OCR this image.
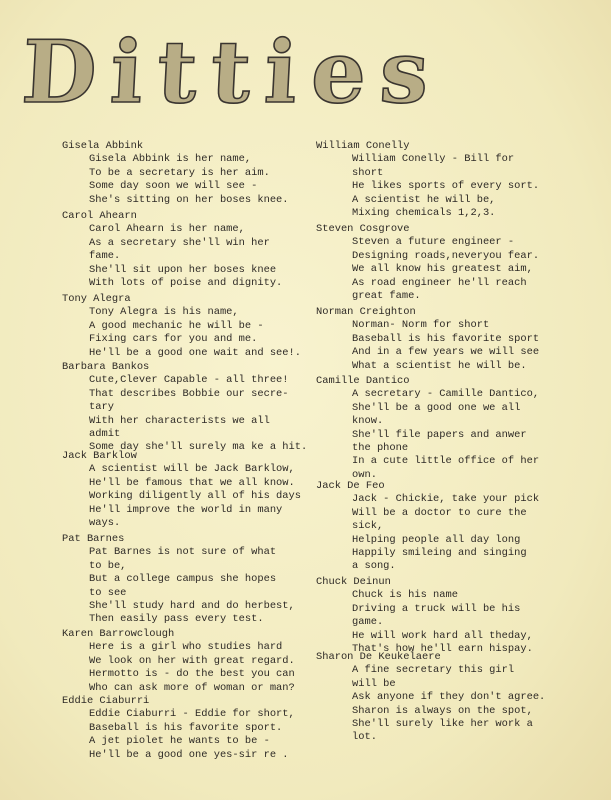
Ditties
Gisela Abbink
Gisela Abbink is her name,
To be a secretary is her aim.
Some day soon we will see -
She's sitting on her boses knee.
Carol Ahearn
Carol Ahearn is her name,
As a secretary she'll win her
fame.
She'll sit upon her boses knee
With lots of poise and dignity.
Tony Alegra
Tony Alegra is his name,
A good mechanic he will be -
Fixing cars for you and me.
He'll be a good one wait and see!.
Barbara Bankos
Cute,Clever Capable - all three!
That describes Bobbie our secre-
tary
With her characterists we all
admit
Some day she'll surely ma ke a hit.
Jack Barklow
A scientist will be Jack Barklow,
He'll be famous that we all know.
Working diligently all of his days
He'll improve the world in many
ways.
Pat Barnes
Pat Barnes is not sure of what
to be,
But a college campus she hopes
to see
She'll study hard and do herbest,
Then easily pass every test.
Karen Barrowclough
Here is a girl who studies hard
We look on her with great regard.
Hermotto is - do the best you can
Who can ask more of woman or man?
Eddie Ciaburri
Eddie Ciaburri - Eddie for short,
Baseball is his favorite sport.
A jet piolet he wants to be -
He'll be a good one yes-sir re .
William Conelly
William Conelly - Bill for
short
He likes sports of every sort.
A scientist he will be,
Mixing chemicals 1,2,3.
Steven Cosgrove
Steven a future engineer -
Designing roads,neveryou fear.
We all know his greatest aim,
As road engineer he'll reach
great fame.
Norman Creighton
Norman- Norm for short
Baseball is his favorite sport
And in a few years we will see
What a scientist he will be.
Camille Dantico
A secretary - Camille Dantico,
She'll be a good one we all
know.
She'll file papers and anwer
the phone
In a cute little office of her
own.
Jack De Feo
Jack - Chickie, take your pick
Will be a doctor to cure the
sick,
Helping people all day long
Happily smileing and singing
a song.
Chuck Deinun
Chuck is his name
Driving a truck will be his
game.
He will work hard all theday,
That's how he'll earn hispay.
Sharon De Keukelaere
A fine secretary this girl
will be
Ask anyone if they don't agree.
Sharon is always on the spot,
She'll surely like her work a
lot.
